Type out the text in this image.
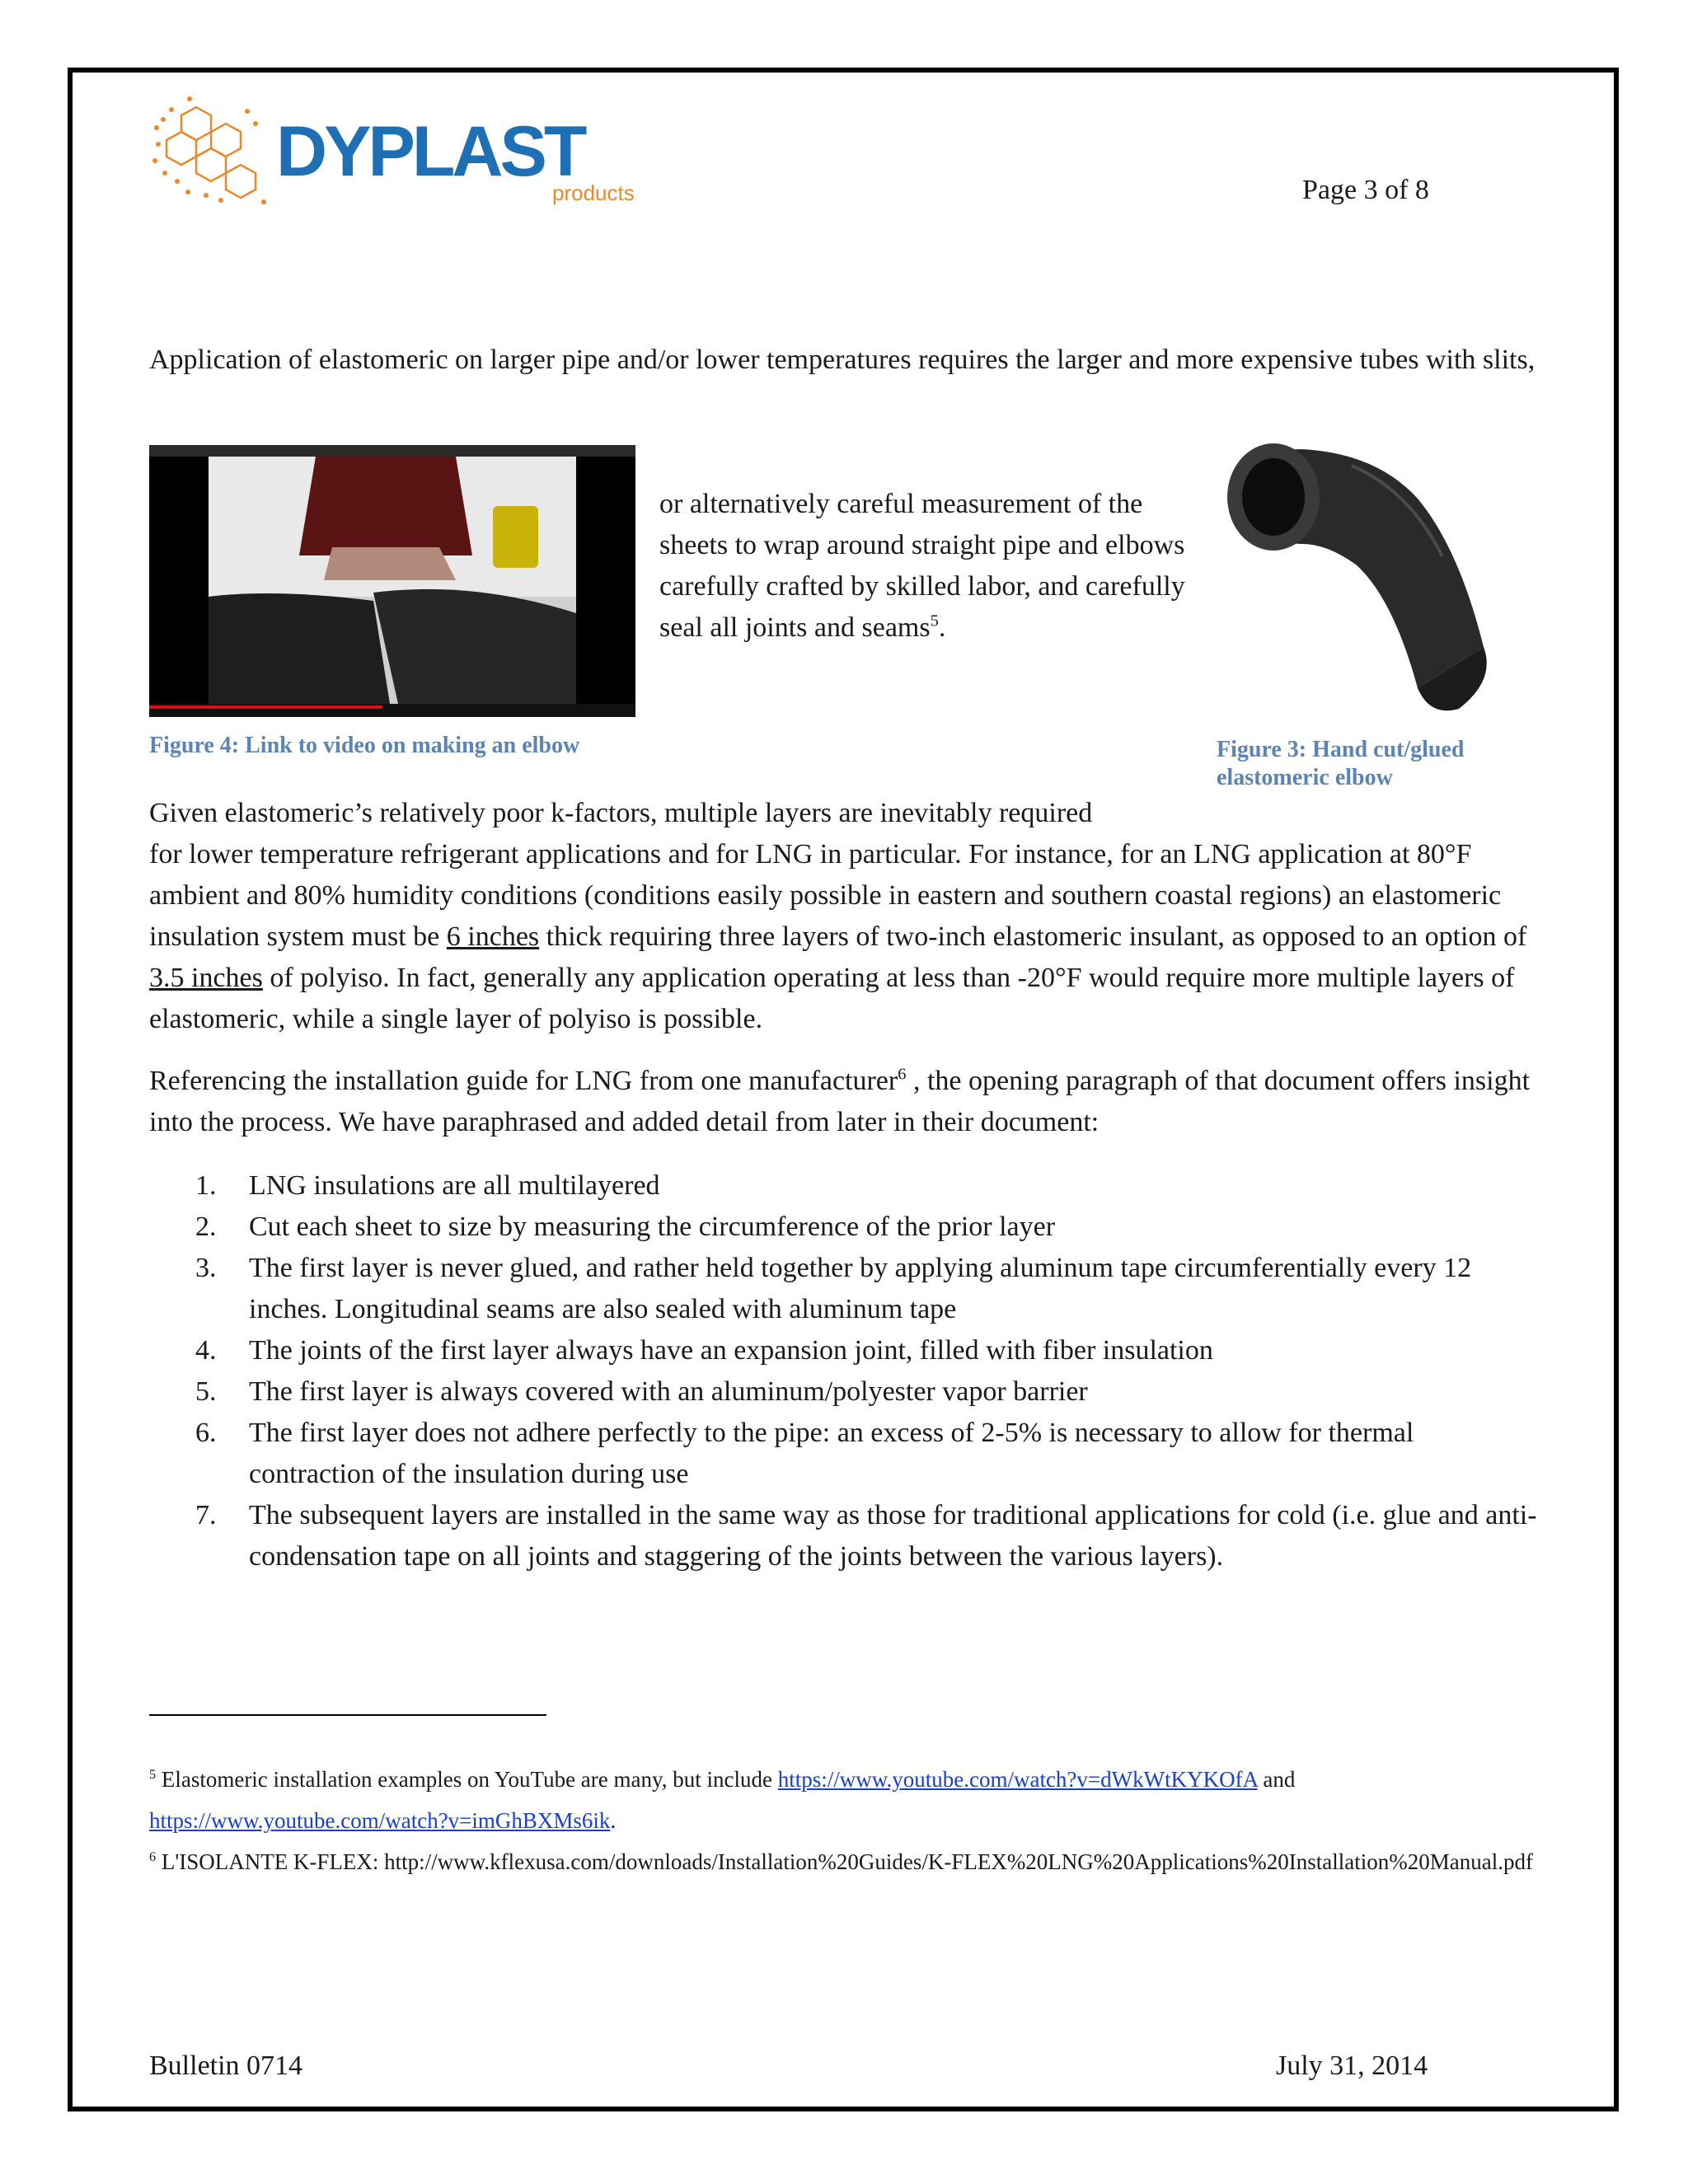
DYPLAST
products	Page 3 of 8
Application of elastomeric on larger pipe and/or lower temperatures requires the larger and more expensive tubes with slits,
or alternatively careful measurement of the sheets to wrap around straight pipe and elbows carefully crafted by skilled labor, and carefully seal all joints and seams$^5$.
Figure 4: Link to video on making an elbow	Figure 3: Hand cut/glued elastomeric elbow
Given elastomeric’s relatively poor k-factors, multiple layers are inevitably required
for lower temperature refrigerant applications and for LNG in particular. For instance, for an LNG application at 80°F ambient and 80% humidity conditions (conditions easily possible in eastern and southern coastal regions) an elastomeric insulation system must be 6 inches thick requiring three layers of two-inch elastomeric insulant, as opposed to an option of 3.5 inches of polyiso. In fact, generally any application operating at less than -20°F would require more multiple layers of elastomeric, while a single layer of polyiso is possible.
Referencing the installation guide for LNG from one manufacturer$^6$ , the opening paragraph of that document offers insight into the process. We have paraphrased and added detail from later in their document:
1.	LNG insulations are all multilayered
2.	Cut each sheet to size by measuring the circumference of the prior layer
3.	The first layer is never glued, and rather held together by applying aluminum tape circumferentially every 12 inches. Longitudinal seams are also sealed with aluminum tape
4.	The joints of the first layer always have an expansion joint, filled with fiber insulation
5.	The first layer is always covered with an aluminum/polyester vapor barrier
6.	The first layer does not adhere perfectly to the pipe: an excess of 2-5% is necessary to allow for thermal contraction of the insulation during use
7.	The subsequent layers are installed in the same way as those for traditional applications for cold (i.e. glue and anti-condensation tape on all joints and staggering of the joints between the various layers).
$^5$ Elastomeric installation examples on YouTube are many, but include https://www.youtube.com/watch?v=dWkWtKYKOfA and
https://www.youtube.com/watch?v=imGhBXMs6ik.
$^6$ L'ISOLANTE K-FLEX: http://www.kflexusa.com/downloads/Installation%20Guides/K-FLEX%20LNG%20Applications%20Installation%20Manual.pdf
Bulletin 0714	July 31, 2014
